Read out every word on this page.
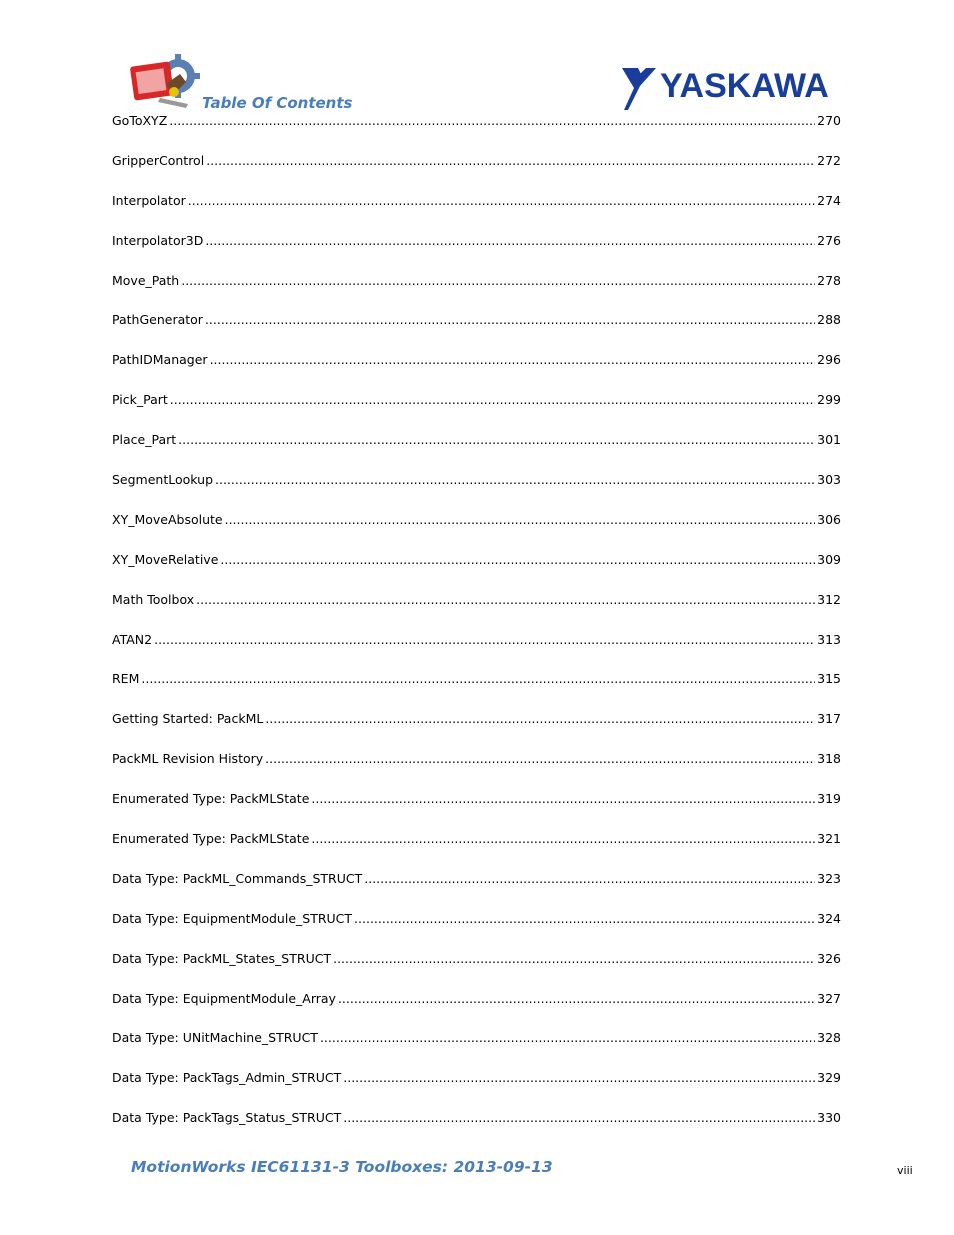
Table Of Contents	YASKAWA
GoToXYZ .....	270
GripperControl .....	272
Interpolator .....	274
Interpolator3D .....	276
Move_Path .....	278
PathGenerator .....	288
PathIDManager .....	296
Pick_Part .....	299
Place_Part .....	301
SegmentLookup .....	303
XY_MoveAbsolute .....	306
XY_MoveRelative .....	309
Math Toolbox .....	312
ATAN2 .....	313
REM .....	315
Getting Started: PackML .....	317
PackML Revision History .....	318
Enumerated Type: PackMLState .....	319
Enumerated Type: PackMLState .....	321
Data Type: PackML_Commands_STRUCT .....	323
Data Type: EquipmentModule_STRUCT .....	324
Data Type: PackML_States_STRUCT .....	326
Data Type: EquipmentModule_Array .....	327
Data Type: UNitMachine_STRUCT .....	328
Data Type: PackTags_Admin_STRUCT .....	329
Data Type: PackTags_Status_STRUCT .....	330
MotionWorks IEC61131-3 Toolboxes: 2013-09-13	viii
